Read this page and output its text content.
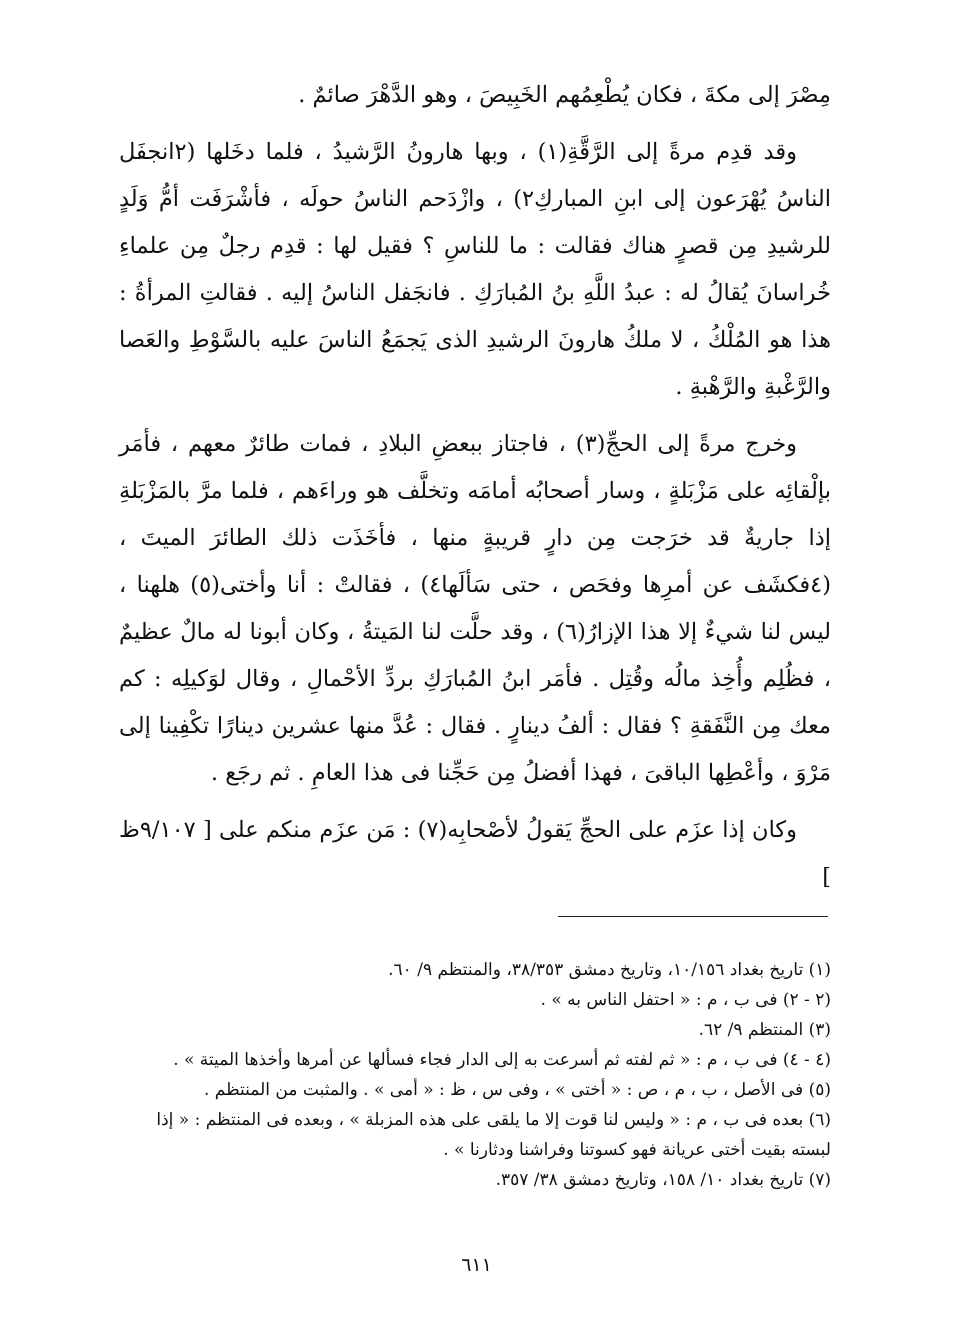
مِصْرَ إلى مكةَ ، فكان يُطْعِمُهم الخَبِيصَ ، وهو الدَّهْرَ صائمٌ .

وقد قدِم مرةً إلى الرَّقَّةِ(١) ، وبها هارونُ الرَّشيدُ ، فلما دخَلها (٢انجفَل الناسُ يُهْرَعون إلى ابنِ المباركِ٢) ، وازْدَحم الناسُ حولَه ، فأشْرَفَت أمُّ وَلَدٍ للرشيدِ مِن قصرٍ هناك فقالت : ما للناسِ ؟ فقيل لها : قدِم رجلٌ مِن علماءِ خُراسانَ يُقالُ له : عبدُ اللَّهِ بنُ المُبارَكِ . فانجَفل الناسُ إليه . فقالتِ المرأةُ : هذا هو المُلْكُ ، لا ملكُ هارونَ الرشيدِ الذى يَجمَعُ الناسَ عليه بالسَّوْطِ والعَصا والرَّغْبةِ والرَّهْبةِ .

وخرج مرةً إلى الحجِّ(٣) ، فاجتاز ببعضِ البلادِ ، فمات طائرٌ معهم ، فأمَر بإلْقائِه على مَزْبَلةٍ ، وسار أصحابُه أمامَه وتخلَّف هو وراءَهم ، فلما مرَّ بالمَزْبَلةِ إذا جاريةٌ قد خرَجت مِن دارٍ قريبةٍ منها ، فأخَذَت ذلك الطائرَ الميتَ ، (٤فكشَف عن أمرِها وفحَص ، حتى سَألَها٤) ، فقالتْ : أنا وأختى(٥) هلهنا ، ليس لنا شيءٌ إلا هذا الإزارُ(٦) ، وقد حلَّت لنا المَيتةُ ، وكان أبونا له مالٌ عظيمٌ ، فظُلِم وأُخِذ مالُه وقُتِل . فأمَر ابنُ المُبارَكِ بردِّ الأحْمالِ ، وقال لوَكيلِه : كم معك مِن النَّفَقةِ ؟ فقال : ألفُ دينارٍ . فقال : عُدَّ منها عشرين دينارًا تكْفِينا إلى مَرْوَ ، وأعْطِها الباقىَ ، فهذا أفضلُ مِن حَجِّنا فى هذا العامِ . ثم رجَع .

وكان إذا عزَم على الحجِّ يَقولُ لأصْحابِه(٧) : مَن عزَم منكم على [ ٩/١٠٧ظ ]

(١) تاريخ بغداد ١٠/١٥٦، وتاريخ دمشق ٣٨/٣٥٣، والمنتظم ٩/ ٦٠.

(٢ - ٢) فى ب ، م : « احتفل الناس به » .

(٣) المنتظم ٩/ ٦٢.

(٤ - ٤) فى ب ، م : « ثم لفته ثم أسرعت به إلى الدار فجاء فسألها عن أمرها وأخذها الميتة » .

(٥) فى الأصل ، ب ، م ، ص : « أختى » ، وفى س ، ظ : « أمى » . والمثبت من المنتظم .

(٦) بعده فى ب ، م : « وليس لنا قوت إلا ما يلقى على هذه المزبلة » ، وبعده فى المنتظم : « إذا لبسته بقيت أختى عريانة فهو كسوتنا وفراشنا ودثارنا » .

(٧) تاريخ بغداد ١٠/ ١٥٨، وتاريخ دمشق ٣٨/ ٣٥٧.

٦١١
